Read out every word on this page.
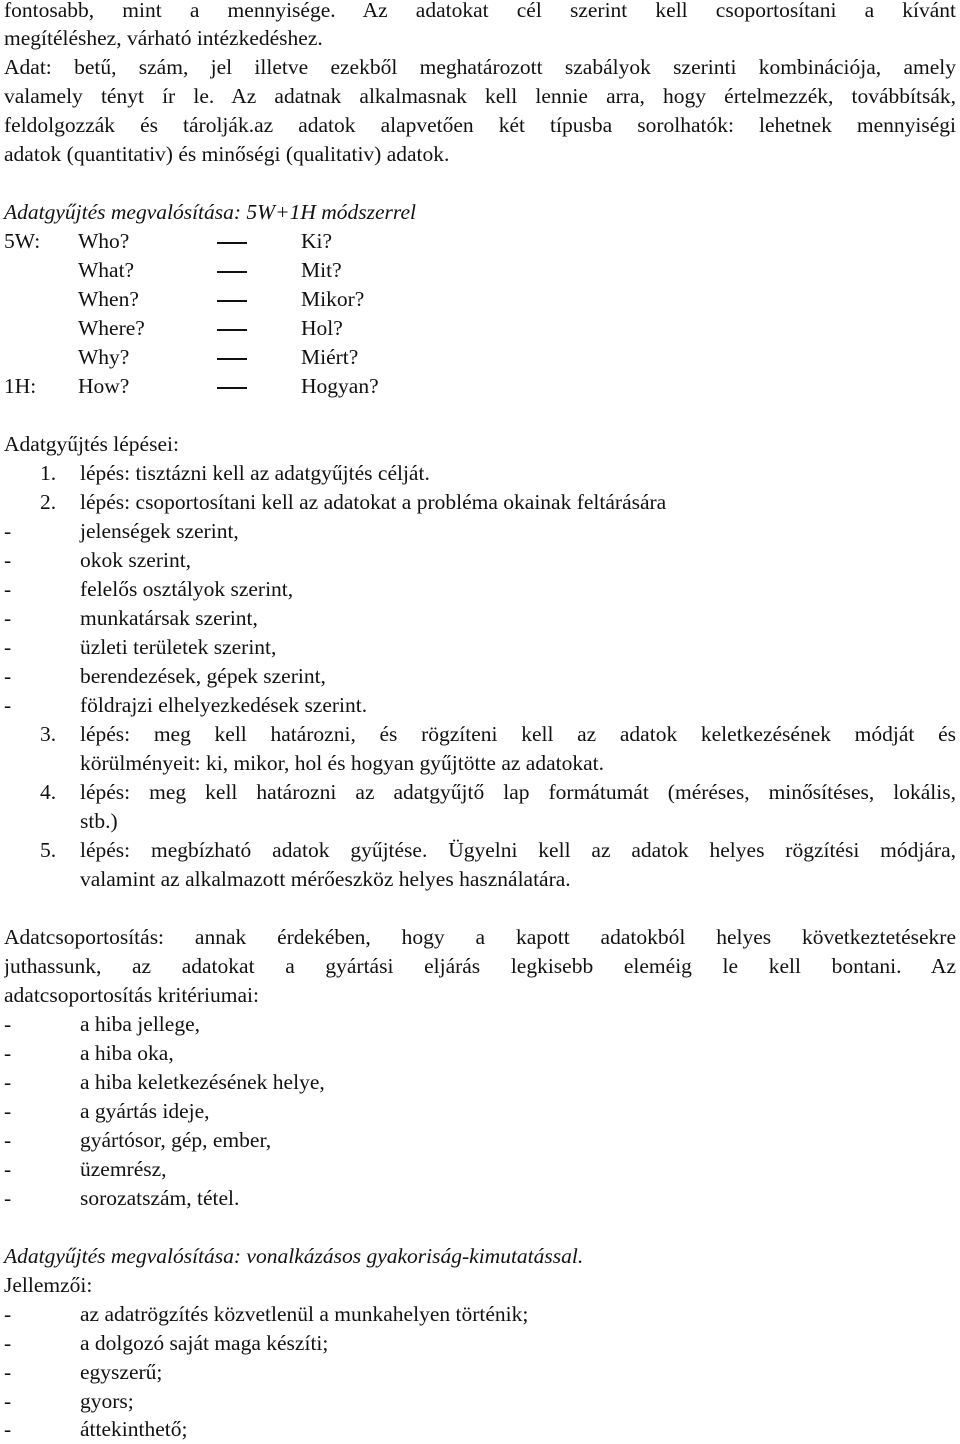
fontosabb, mint a mennyisége. Az adatokat cél szerint kell csoportosítani a kívánt
megítéléshez, várható intézkedéshez.
Adat: betű, szám, jel illetve ezekből meghatározott szabályok szerinti kombinációja, amely
valamely tényt ír le. Az adatnak alkalmasnak kell lennie arra, hogy értelmezzék, továbbítsák,
feldolgozzák és tárolják.az adatok alapvetően két típusba sorolhatók: lehetnek mennyiségi
adatok (quantitativ) és minőségi (qualitativ) adatok.
Adatgyűjtés megvalósítása: 5W+1H módszerrel
5W: Who?	Ki?
What?	Mit?
When?	Mikor?
Where?	Hol?
Why?	Miért?
1H: How?	Hogyan?
Adatgyűjtés lépései:
1. lépés: tisztázni kell az adatgyűjtés célját.
2. lépés: csoportosítani kell az adatokat a probléma okainak feltárására
-	jelenségek szerint,
-	okok szerint,
-	felelős osztályok szerint,
-	munkatársak szerint,
-	üzleti területek szerint,
-	berendezések, gépek szerint,
-	földrajzi elhelyezkedések szerint.
3. lépés: meg kell határozni, és rögzíteni kell az adatok keletkezésének módját és
körülményeit: ki, mikor, hol és hogyan gyűjtötte az adatokat.
4. lépés: meg kell határozni az adatgyűjtő lap formátumát (méréses, minősítéses, lokális,
stb.)
5. lépés: megbízható adatok gyűjtése. Ügyelni kell az adatok helyes rögzítési módjára,
valamint az alkalmazott mérőeszköz helyes használatára.
Adatcsoportosítás: annak érdekében, hogy a kapott adatokból helyes következtetésekre
juthassunk, az adatokat a gyártási eljárás legkisebb eleméig le kell bontani. Az
adatcsoportosítás kritériumai:
-	a hiba jellege,
-	a hiba oka,
-	a hiba keletkezésének helye,
-	a gyártás ideje,
-	gyártósor, gép, ember,
-	üzemrész,
-	sorozatszám, tétel.
Adatgyűjtés megvalósítása: vonalkázásos gyakoriság-kimutatással.
Jellemzői:
-	az adatrögzítés közvetlenül a munkahelyen történik;
-	a dolgozó saját maga készíti;
-	egyszerű;
-	gyors;
-	áttekinthető;
